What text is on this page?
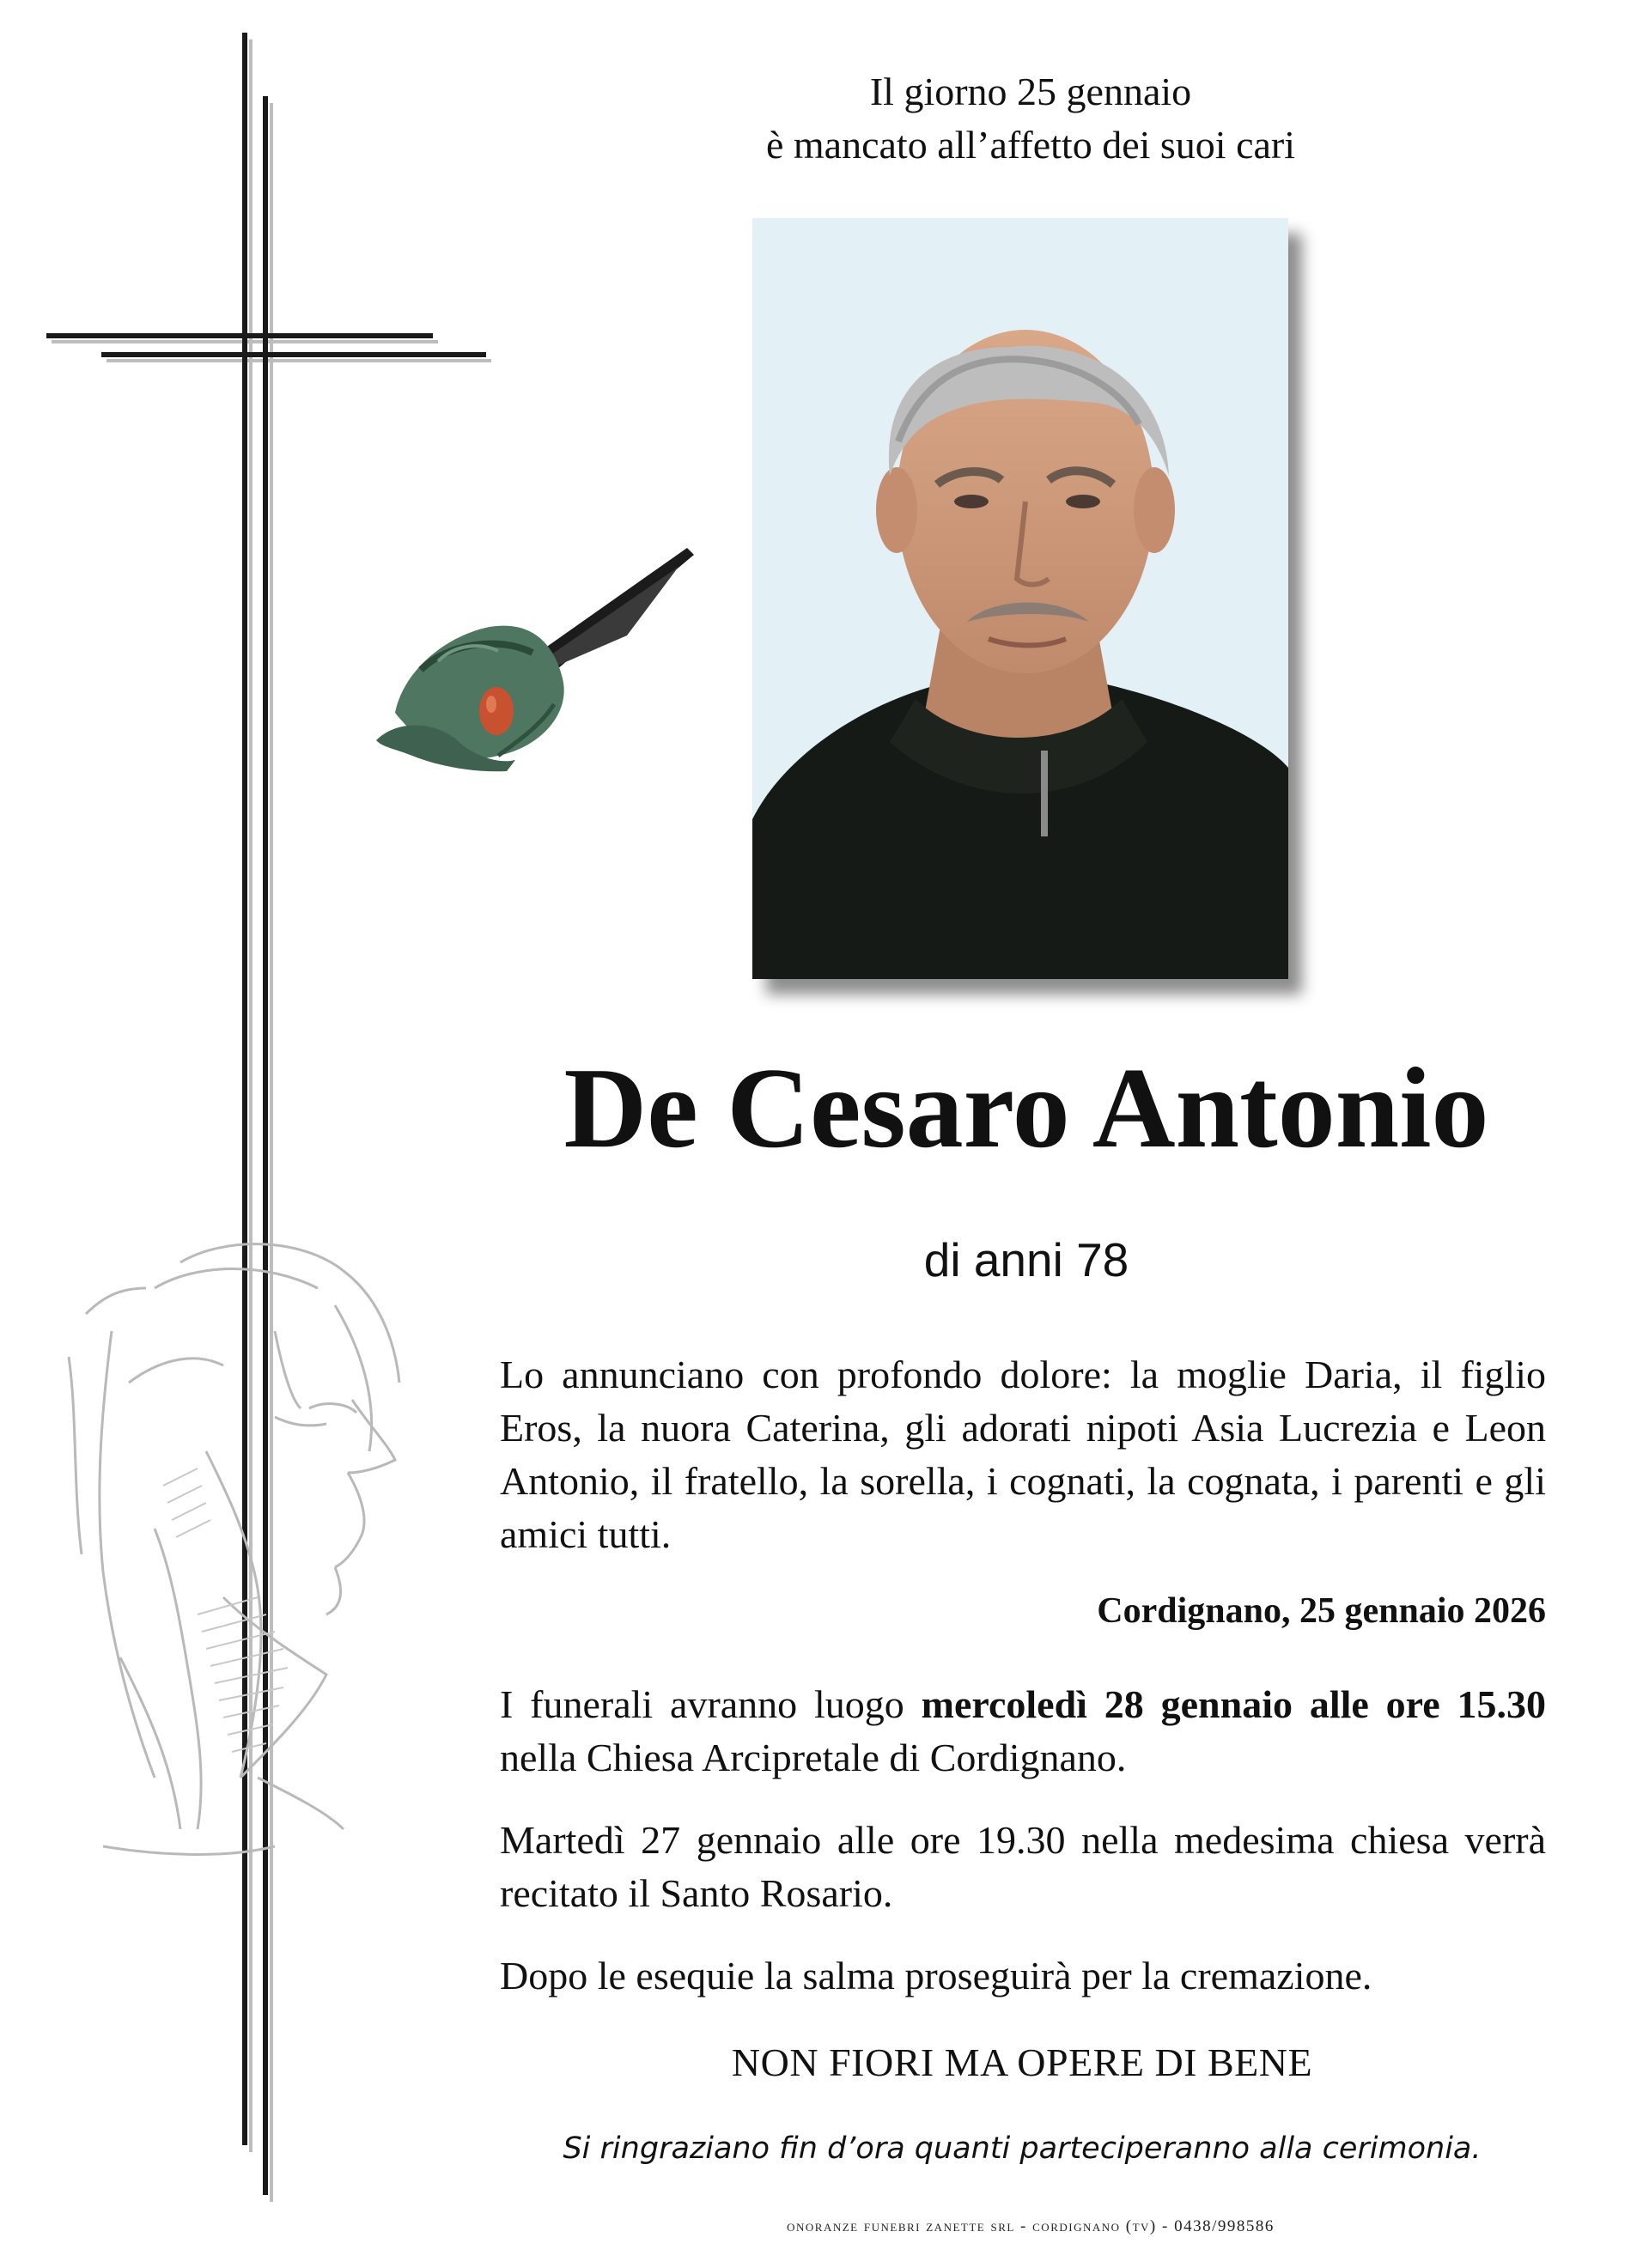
Il giorno 25 gennaio
è mancato all’affetto dei suoi cari
De Cesaro Antonio
di anni 78
Lo annunciano con profondo dolore: la moglie Daria, il figlio Eros, la nuora Caterina, gli adorati nipoti Asia Lucrezia e Leon Antonio, il fratello, la sorella, i cognati, la cognata, i parenti e gli amici tutti.
Cordignano, 25 gennaio 2026
I funerali avranno luogo mercoledì 28 gennaio alle ore 15.30 nella Chiesa Arcipretale di Cordignano.
Martedì 27 gennaio alle ore 19.30 nella medesima chiesa verrà recitato il Santo Rosario.
Dopo le esequie la salma proseguirà per la cremazione.
NON FIORI MA OPERE DI BENE
Si ringraziano fin d’ora quanti parteciperanno alla cerimonia.
onoranze funebri zanette srl - cordignano (tv) - 0438/998586
